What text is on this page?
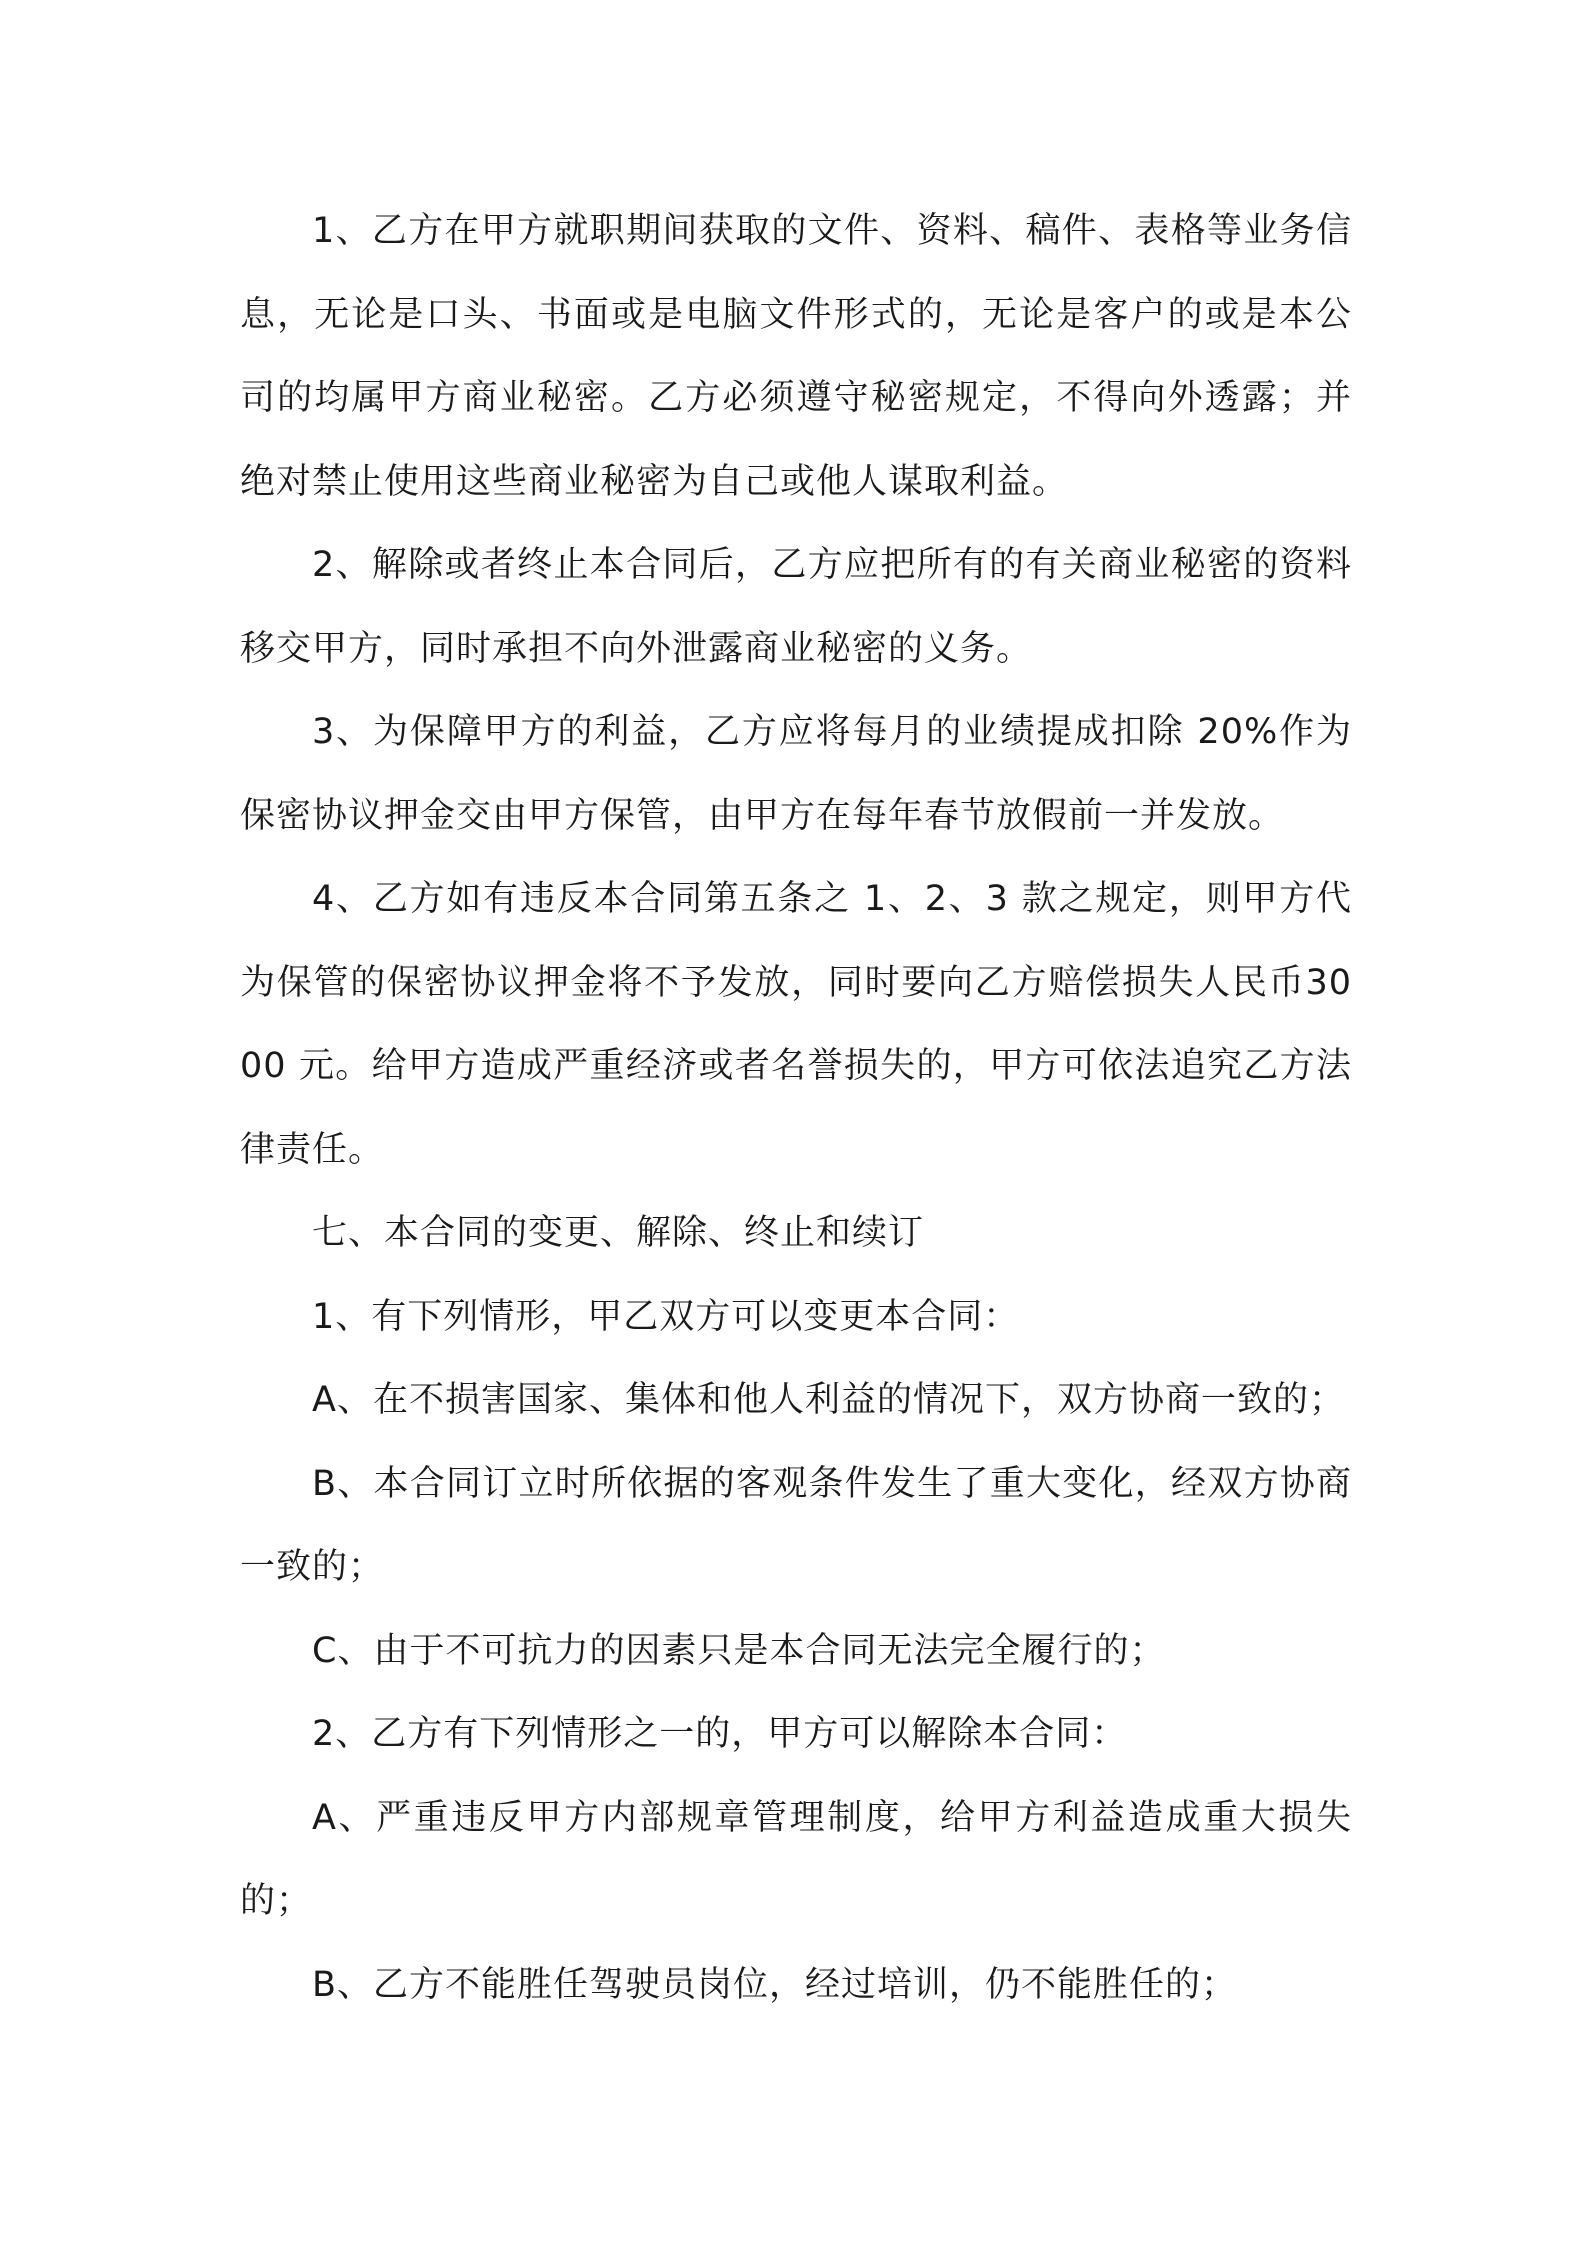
1、乙方在甲方就职期间获取的文件、资料、稿件、表格等业务信息，无论是口头、书面或是电脑文件形式的，无论是客户的或是本公司的均属甲方商业秘密。乙方必须遵守秘密规定，不得向外透露；并绝对禁止使用这些商业秘密为自己或他人谋取利益。

2、解除或者终止本合同后，乙方应把所有的有关商业秘密的资料移交甲方，同时承担不向外泄露商业秘密的义务。

3、为保障甲方的利益，乙方应将每月的业绩提成扣除 20%作为保密协议押金交由甲方保管，由甲方在每年春节放假前一并发放。

4、乙方如有违反本合同第五条之 1、2、3 款之规定，则甲方代为保管的保密协议押金将不予发放，同时要向乙方赔偿损失人民币3000 元。给甲方造成严重经济或者名誉损失的，甲方可依法追究乙方法律责任。

七、本合同的变更、解除、终止和续订

1、有下列情形，甲乙双方可以变更本合同：

A、在不损害国家、集体和他人利益的情况下，双方协商一致的；

B、本合同订立时所依据的客观条件发生了重大变化，经双方协商一致的；

C、由于不可抗力的因素只是本合同无法完全履行的；

2、乙方有下列情形之一的，甲方可以解除本合同：

A、严重违反甲方内部规章管理制度，给甲方利益造成重大损失的；

B、乙方不能胜任驾驶员岗位，经过培训，仍不能胜任的；
